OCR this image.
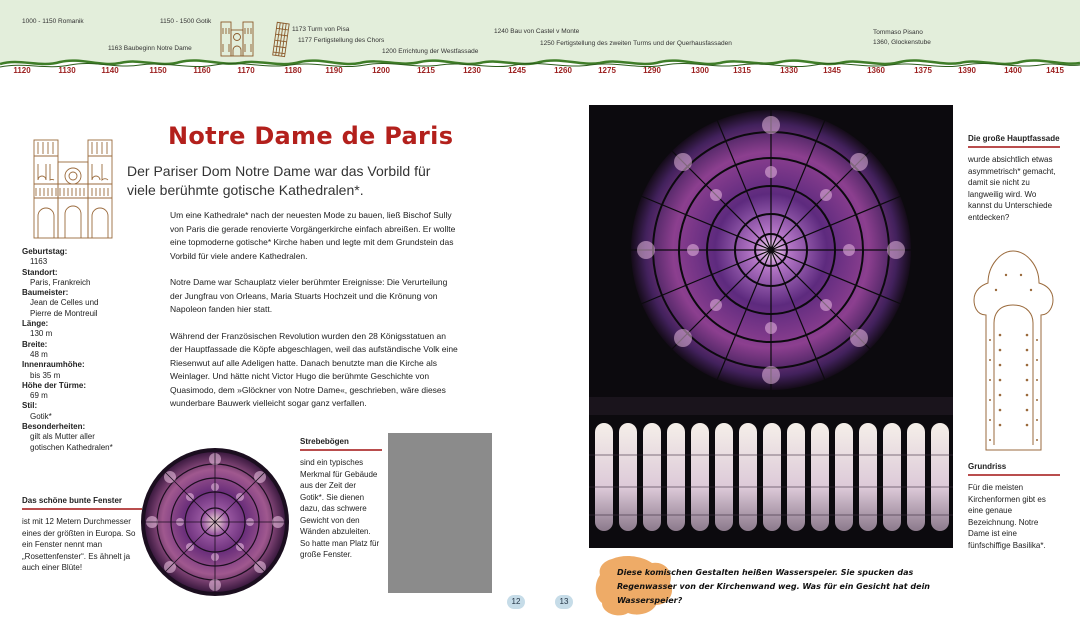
1000 - 1150 Romanik	1150 - 1500 Gotik
1163 Baubeginn Notre Dame
1173 Turm von Pisa
1177 Fertigstellung des Chors
1200 Errichtung der Westfassade
1240 Bau von Castel v Monte
1250 Fertigstellung des zweiten Turms und der Querhausfassaden
Tommaso Pisano
1360, Glockenstube
1120	1130	1140	1150	1160	1170	1180	1190	1200	1215	1230	1245	1260	1275	1290	1300	1315	1330	1345	1360	1375	1390	1400	1415
Geburtstag:
1163
Standort:
Paris, Frankreich
Baumeister:
Jean de Celles und
Pierre de Montreuil
Länge:
130 m
Breite:
48 m
Innenraumhöhe:
bis 35 m
Höhe der Türme:
69 m
Stil:
Gotik*
Besonderheiten:
gilt als Mutter aller
gotischen Kathedralen*
Notre Dame de Paris
Der Pariser Dom Notre Dame war das Vorbild für viele berühmte gotische Kathedralen*.

Um eine Kathedrale* nach der neuesten Mode zu bauen, ließ Bischof Sully von Paris die gerade renovierte Vorgängerkirche einfach abreißen. Er wollte eine topmoderne gotische* Kirche haben und legte mit dem Grundstein das Vorbild für viele andere Kathedralen.

Notre Dame war Schauplatz vieler berühmter Ereignisse: Die Verurteilung der Jungfrau von Orleans, Maria Stuarts Hochzeit und die Krönung von Napoleon fanden hier statt.

Während der Französischen Revolution wurden den 28 Königsstatuen an der Hauptfassade die Köpfe abgeschlagen, weil das aufständische Volk eine Riesenwut auf alle Adeligen hatte. Danach benutzte man die Kirche als Weinlager. Und hätte nicht Victor Hugo die berühmte Geschichte von Quasimodo, dem »Glöckner von Notre Dame«, geschrieben, wäre dieses wunderbare Bauwerk vielleicht sogar ganz verfallen.

Das schöne bunte Fenster
ist mit 12 Metern Durchmesser eines der größten in Europa. So ein Fenster nennt man „Rosettenfenster“. Es ähnelt ja auch einer Blüte!
Strebebögen
sind ein typisches Merkmal für Gebäude aus der Zeit der Gotik*. Sie dienen dazu, das schwere Gewicht von den Wänden abzuleiten. So hatte man Platz für große Fenster.
12
Die große Hauptfassade
wurde absichtlich etwas asymmetrisch* gemacht, damit sie nicht zu langweilig wird. Wo kannst du Unterschiede entdecken?
Grundriss
Für die meisten Kirchenformen gibt es eine genaue Bezeichnung. Notre Dame ist eine fünfschiffige Basilika*.
Diese komischen Gestalten heißen Wasserspeier. Sie spucken das Regenwasser von der Kirchenwand weg. Was für ein Gesicht hat dein Wasserspeier?
13
